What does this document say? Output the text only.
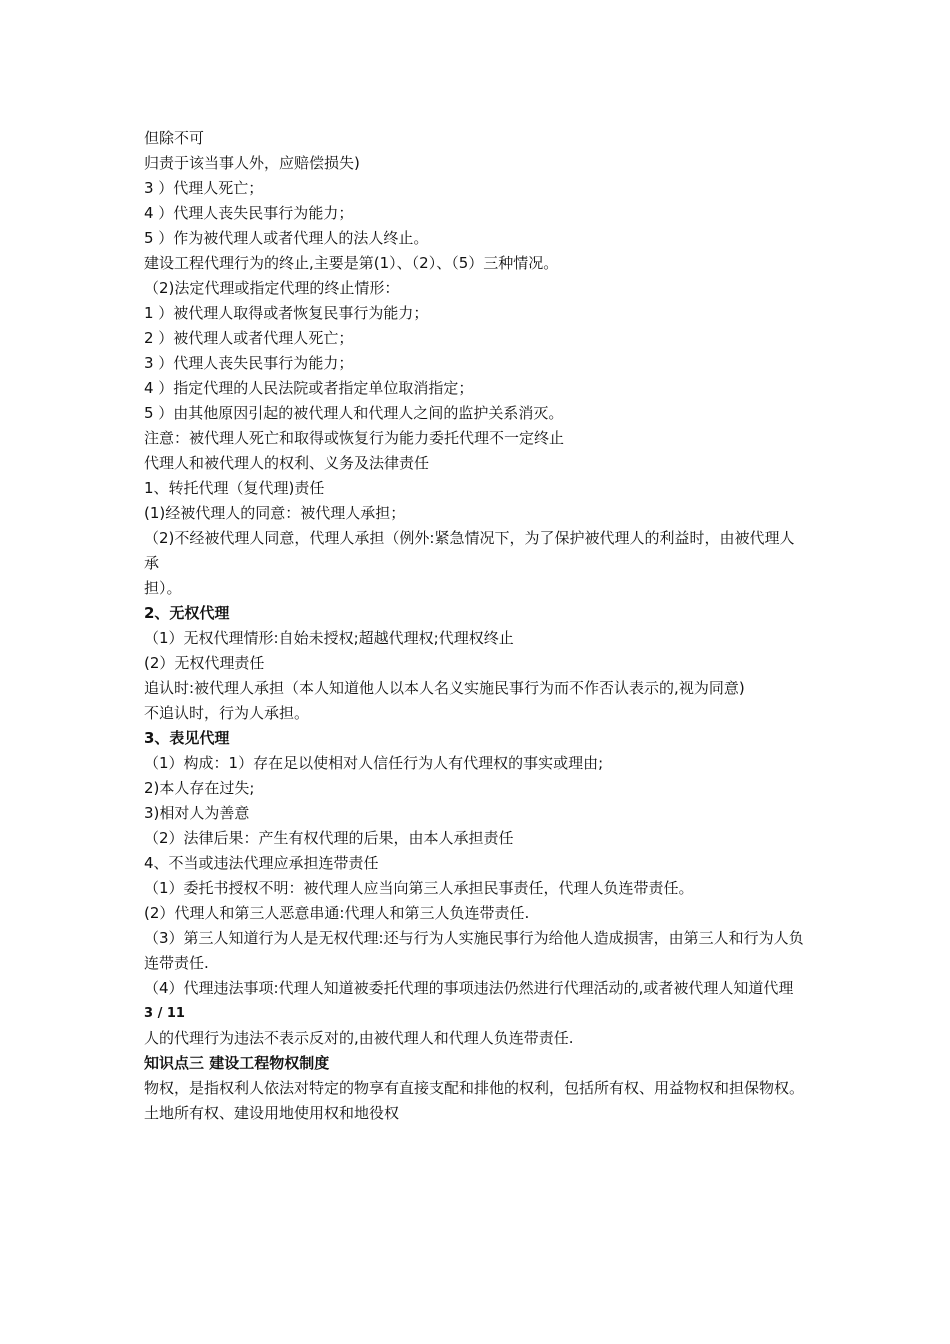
但除不可

归责于该当事人外，应赔偿损失)

3 ）代理人死亡；

4 ）代理人丧失民事行为能力；

5 ）作为被代理人或者代理人的法人终止。

建设工程代理行为的终止,主要是第(1）、（2）、（5）三种情况。

（2)法定代理或指定代理的终止情形：

1 ）被代理人取得或者恢复民事行为能力；

2 ）被代理人或者代理人死亡；

3 ）代理人丧失民事行为能力；

4 ）指定代理的人民法院或者指定单位取消指定；

5 ）由其他原因引起的被代理人和代理人之间的监护关系消灭。

注意：被代理人死亡和取得或恢复行为能力委托代理不一定终止

代理人和被代理人的权利、义务及法律责任

1、转托代理（复代理)责任

(1)经被代理人的同意：被代理人承担；

（2)不经被代理人同意，代理人承担（例外:紧急情况下，为了保护被代理人的利益时，由被代理人承

担）。

2、无权代理

（1）无权代理情形:自始未授权;超越代理权;代理权终止

(2）无权代理责任

追认时:被代理人承担（本人知道他人以本人名义实施民事行为而不作否认表示的,视为同意)

不追认时，行为人承担。

3、表见代理

（1）构成：1）存在足以使相对人信任行为人有代理权的事实或理由;

2)本人存在过失;

3)相对人为善意

（2）法律后果：产生有权代理的后果，由本人承担责任

4、不当或违法代理应承担连带责任

（1）委托书授权不明：被代理人应当向第三人承担民事责任，代理人负连带责任。

(2）代理人和第三人恶意串通:代理人和第三人负连带责任.

（3）第三人知道行为人是无权代理:还与行为人实施民事行为给他人造成损害，由第三人和行为人负

连带责任.

（4）代理违法事项:代理人知道被委托代理的事项违法仍然进行代理活动的,或者被代理人知道代理

3 / 11

人的代理行为违法不表示反对的,由被代理人和代理人负连带责任.

知识点三 建设工程物权制度

物权，是指权利人依法对特定的物享有直接支配和排他的权利，包括所有权、用益物权和担保物权。

土地所有权、建设用地使用权和地役权
